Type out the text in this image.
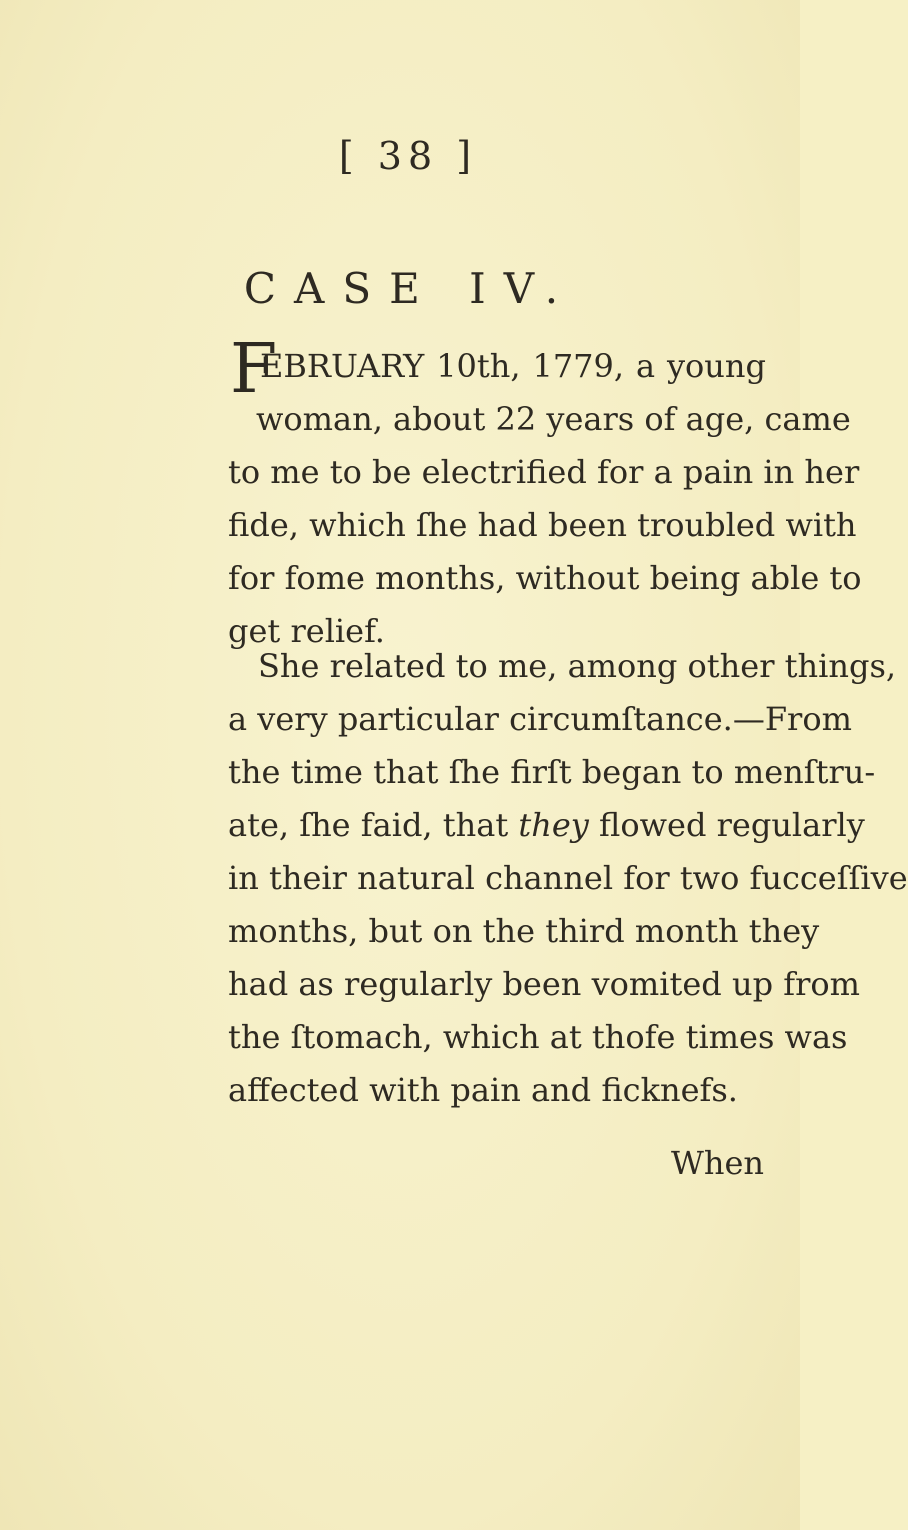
[ 38 ]
CASE IV.
F
EBRUARY 10th, 1779, a young
woman, about 22 years of age, came
to me to be electrified for a pain in her
fide, which ſhe had been troubled with
for fome months, without being able to
get relief.
She related to me, among other things,
a very particular circumſtance.—From
the time that ſhe firſt began to menſtru-
ate, ſhe faid, that they flowed regularly
in their natural channel for two fucceſſive
months, but on the third month they
had as regularly been vomited up from
the ſtomach, which at thofe times was
affected with pain and ficknefs.
When
